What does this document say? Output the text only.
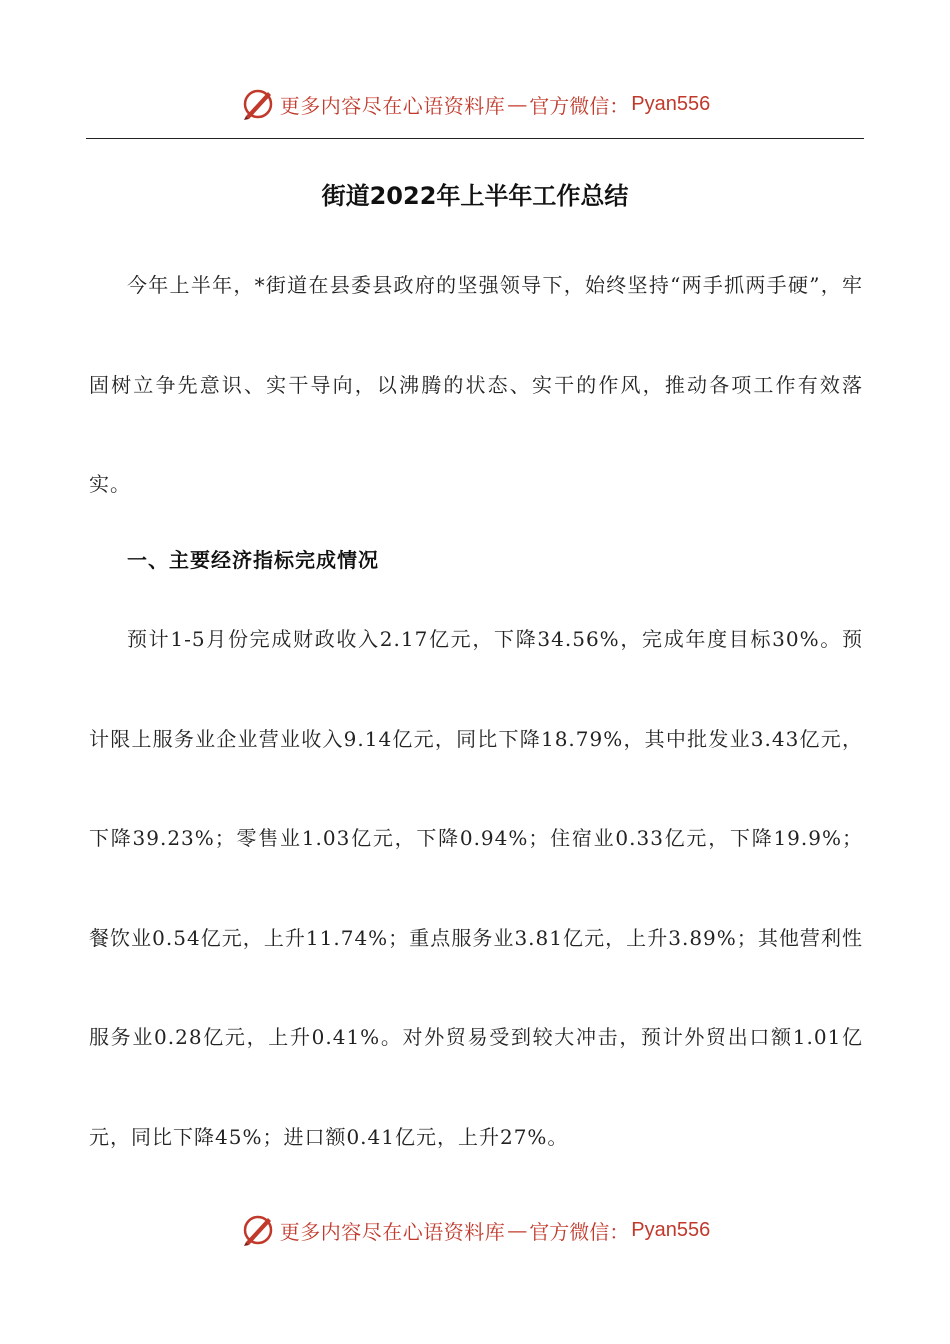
更多内容尽在心语资料库 — 官方微信： Pyan556
街道2022年上半年工作总结

今年上半年，*街道在县委县政府的坚强领导下，始终坚持“两手抓两手硬”，牢固树立争先意识、实干导向，以沸腾的状态、实干的作风，推动各项工作有效落实。

一、主要经济指标完成情况

预计1-5月份完成财政收入2.17亿元，下降34.56%，完成年度目标30%。预计限上服务业企业营业收入9.14亿元，同比下降18.79%，其中批发业3.43亿元，下降39.23%；零售业1.03亿元，下降0.94%；住宿业0.33亿元，下降19.9%；餐饮业0.54亿元，上升11.74%；重点服务业3.81亿元，上升3.89%；其他营利性服务业0.28亿元，上升0.41%。对外贸易受到较大冲击，预计外贸出口额1.01亿元，同比下降45%；进口额0.41亿元，上升27%。

更多内容尽在心语资料库 — 官方微信： Pyan556
